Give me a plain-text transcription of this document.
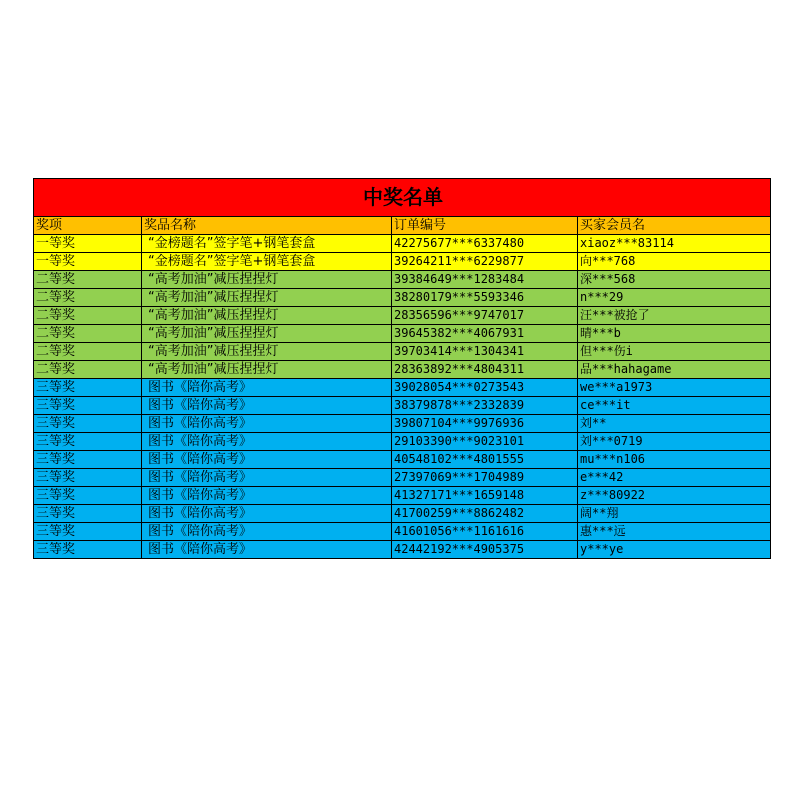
中奖名单			
奖项	奖品名称	订单编号	买家会员名
一等奖	“金榜题名”签字笔+钢笔套盒	42275677***6337480	xiaoz***83114
一等奖	“金榜题名”签字笔+钢笔套盒	39264211***6229877	向***768
二等奖	“高考加油”减压捏捏灯	39384649***1283484	深***568
二等奖	“高考加油”减压捏捏灯	38280179***5593346	n***29
二等奖	“高考加油”减压捏捏灯	28356596***9747017	汪***被抢了
二等奖	“高考加油”减压捏捏灯	39645382***4067931	晴***b
二等奖	“高考加油”减压捏捏灯	39703414***1304341	但***伤i
二等奖	“高考加油”减压捏捏灯	28363892***4804311	品***hahagame
三等奖	图书《陪你高考》	39028054***0273543	we***a1973
三等奖	图书《陪你高考》	38379878***2332839	ce***it
三等奖	图书《陪你高考》	39807104***9976936	刘**
三等奖	图书《陪你高考》	29103390***9023101	刘***0719
三等奖	图书《陪你高考》	40548102***4801555	mu***n106
三等奖	图书《陪你高考》	27397069***1704989	e***42
三等奖	图书《陪你高考》	41327171***1659148	z***80922
三等奖	图书《陪你高考》	41700259***8862482	阔**翔
三等奖	图书《陪你高考》	41601056***1161616	惠***远
三等奖	图书《陪你高考》	42442192***4905375	y***ye
